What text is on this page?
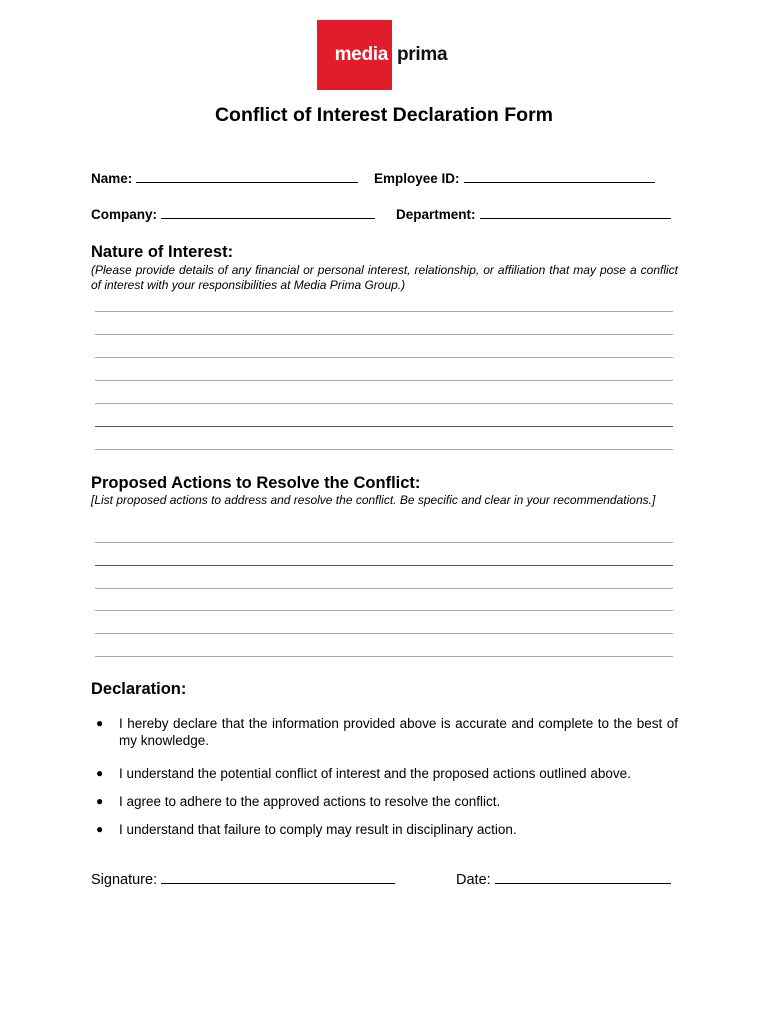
media prima
Conflict of Interest Declaration Form
Name:	Employee ID:
Company:	Department:
Nature of Interest:
(Please provide details of any financial or personal interest, relationship, or affiliation that may pose a conflict of interest with your responsibilities at Media Prima Group.)
Proposed Actions to Resolve the Conflict:
[List proposed actions to address and resolve the conflict. Be specific and clear in your recommendations.]
Declaration:
● I hereby declare that the information provided above is accurate and complete to the best of my knowledge.
● I understand the potential conflict of interest and the proposed actions outlined above.
● I agree to adhere to the approved actions to resolve the conflict.
● I understand that failure to comply may result in disciplinary action.
Signature:	Date:
